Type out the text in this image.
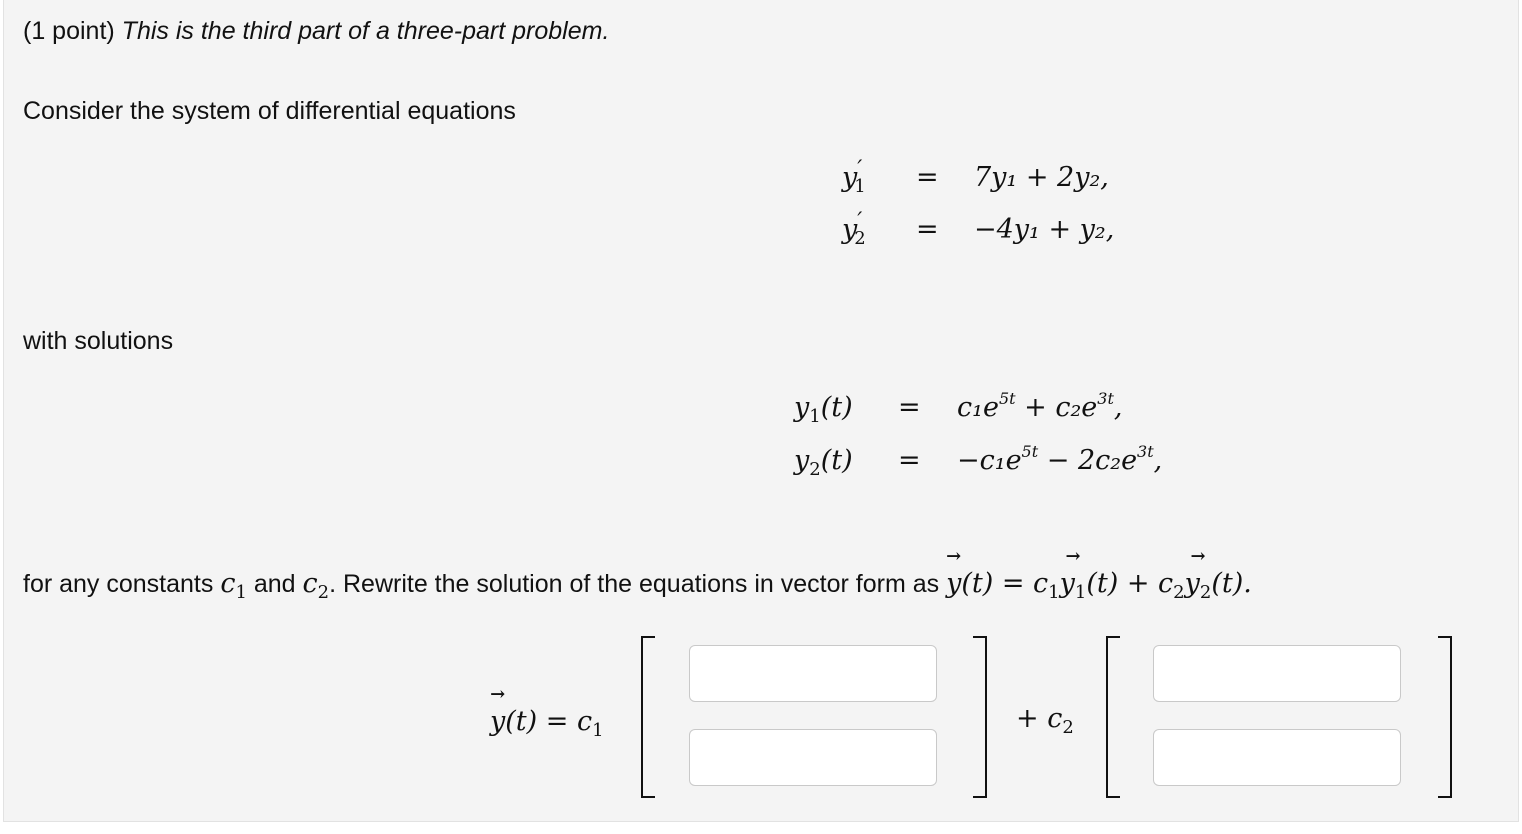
(1 point) This is the third part of a three-part problem.
Consider the system of differential equations
$y'_1 = 7y_1 + 2y_2$,
$y'_2 = -4y_1 + y_2$,
with solutions
$y_1(t) = c_1e^{5t} + c_2e^{3t}$,
$y_2(t) = -c_1e^{5t} - 2c_2e^{3t}$,
for any constants $c_1$ and $c_2$. Rewrite the solution of the equations in vector form as y
→
$(t) = c_1y_1$
→
$(t) + c_2y_2$
→
(t).
y
→
$(t) = c_1$	+ $c_2$
